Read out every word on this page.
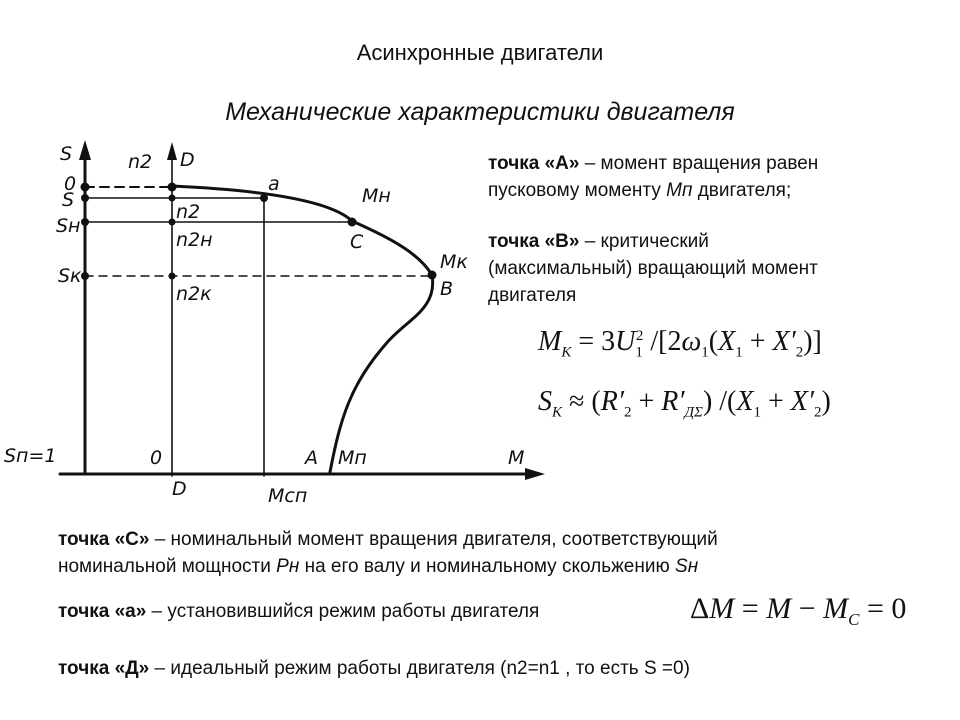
Асинхронные двигатели
Механические характеристики двигателя
S
0
S
Sн
Sк
Sп=1
n2 D
a
Mн
C
Mк
B
n2
n2н
n2к
0
D	Mсп
A Mп	M
точка «А» – момент вращения равен
пусковому моменту Mп двигателя;
точка «В» – критический
(максимальный) вращающий момент
двигателя
$M_K = 3U_1^2$ $/[2\omega_1(X_1 + X'_2)]$
$S_K \approx (R'_2 + R'_{Д\Sigma}) /(X_1 + X'_2)$
точка «С» – номинальный момент вращения двигателя, соответствующий
номинальной мощности Pн на его валу и номинальному скольжению Sн
точка «а» – установившийся режим работы двигателя	$\Delta M = M - M_C = 0$
точка «Д» – идеальный режим работы двигателя (n2=n1 , то есть S =0)
